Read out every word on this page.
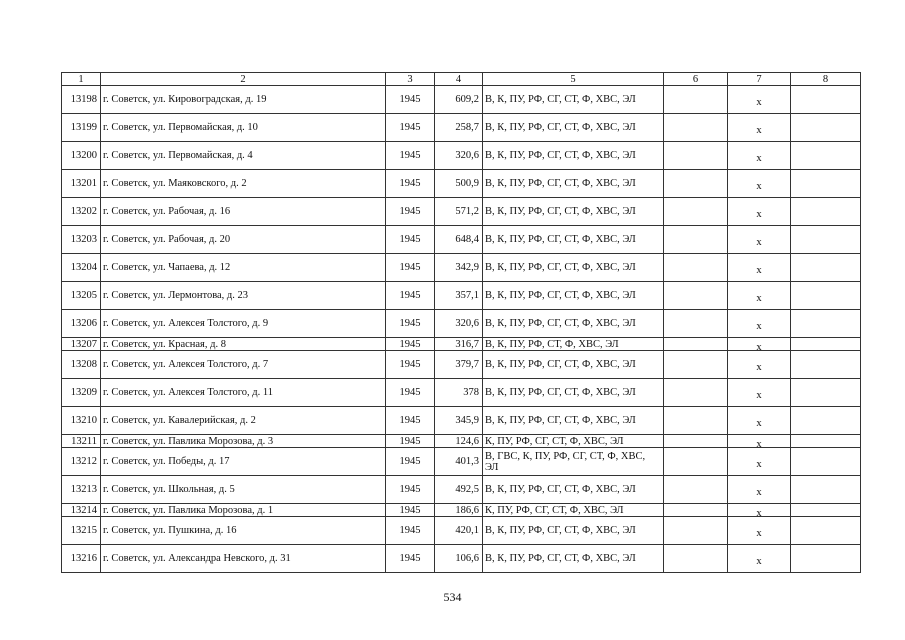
1	2	3	4	5	6	7	8
13198	г. Советск, ул. Кировоградская, д. 19	1945	609,2	В, К, ПУ, РФ, СГ, СТ, Ф, ХВС, ЭЛ		х	
13199	г. Советск, ул. Первомайская, д. 10	1945	258,7	В, К, ПУ, РФ, СГ, СТ, Ф, ХВС, ЭЛ		х	
13200	г. Советск, ул. Первомайская, д. 4	1945	320,6	В, К, ПУ, РФ, СГ, СТ, Ф, ХВС, ЭЛ		х	
13201	г. Советск, ул. Маяковского, д. 2	1945	500,9	В, К, ПУ, РФ, СГ, СТ, Ф, ХВС, ЭЛ		х	
13202	г. Советск, ул. Рабочая, д. 16	1945	571,2	В, К, ПУ, РФ, СГ, СТ, Ф, ХВС, ЭЛ		х	
13203	г. Советск, ул. Рабочая, д. 20	1945	648,4	В, К, ПУ, РФ, СГ, СТ, Ф, ХВС, ЭЛ		х	
13204	г. Советск, ул. Чапаева, д. 12	1945	342,9	В, К, ПУ, РФ, СГ, СТ, Ф, ХВС, ЭЛ		х	
13205	г. Советск, ул. Лермонтова, д. 23	1945	357,1	В, К, ПУ, РФ, СГ, СТ, Ф, ХВС, ЭЛ		х	
13206	г. Советск, ул. Алексея Толстого, д. 9	1945	320,6	В, К, ПУ, РФ, СГ, СТ, Ф, ХВС, ЭЛ		х	
13207	г. Советск, ул. Красная, д. 8	1945	316,7	В, К, ПУ, РФ, СТ, Ф, ХВС, ЭЛ		х	
13208	г. Советск, ул. Алексея Толстого, д. 7	1945	379,7	В, К, ПУ, РФ, СГ, СТ, Ф, ХВС, ЭЛ		х	
13209	г. Советск, ул. Алексея Толстого, д. 11	1945	378	В, К, ПУ, РФ, СГ, СТ, Ф, ХВС, ЭЛ		х	
13210	г. Советск, ул. Кавалерийская, д. 2	1945	345,9	В, К, ПУ, РФ, СГ, СТ, Ф, ХВС, ЭЛ		х	
13211	г. Советск, ул. Павлика Морозова, д. 3	1945	124,6	К, ПУ, РФ, СГ, СТ, Ф, ХВС, ЭЛ		х	
13212	г. Советск, ул. Победы, д. 17	1945	401,3	В, ГВС, К, ПУ, РФ, СГ, СТ, Ф, ХВС, ЭЛ		х	
13213	г. Советск, ул. Школьная, д. 5	1945	492,5	В, К, ПУ, РФ, СГ, СТ, Ф, ХВС, ЭЛ		х	
13214	г. Советск, ул. Павлика Морозова, д. 1	1945	186,6	К, ПУ, РФ, СГ, СТ, Ф, ХВС, ЭЛ		х	
13215	г. Советск, ул. Пушкина, д. 16	1945	420,1	В, К, ПУ, РФ, СГ, СТ, Ф, ХВС, ЭЛ		х	
13216	г. Советск, ул. Александра Невского, д. 31	1945	106,6	В, К, ПУ, РФ, СГ, СТ, Ф, ХВС, ЭЛ		х	
534
